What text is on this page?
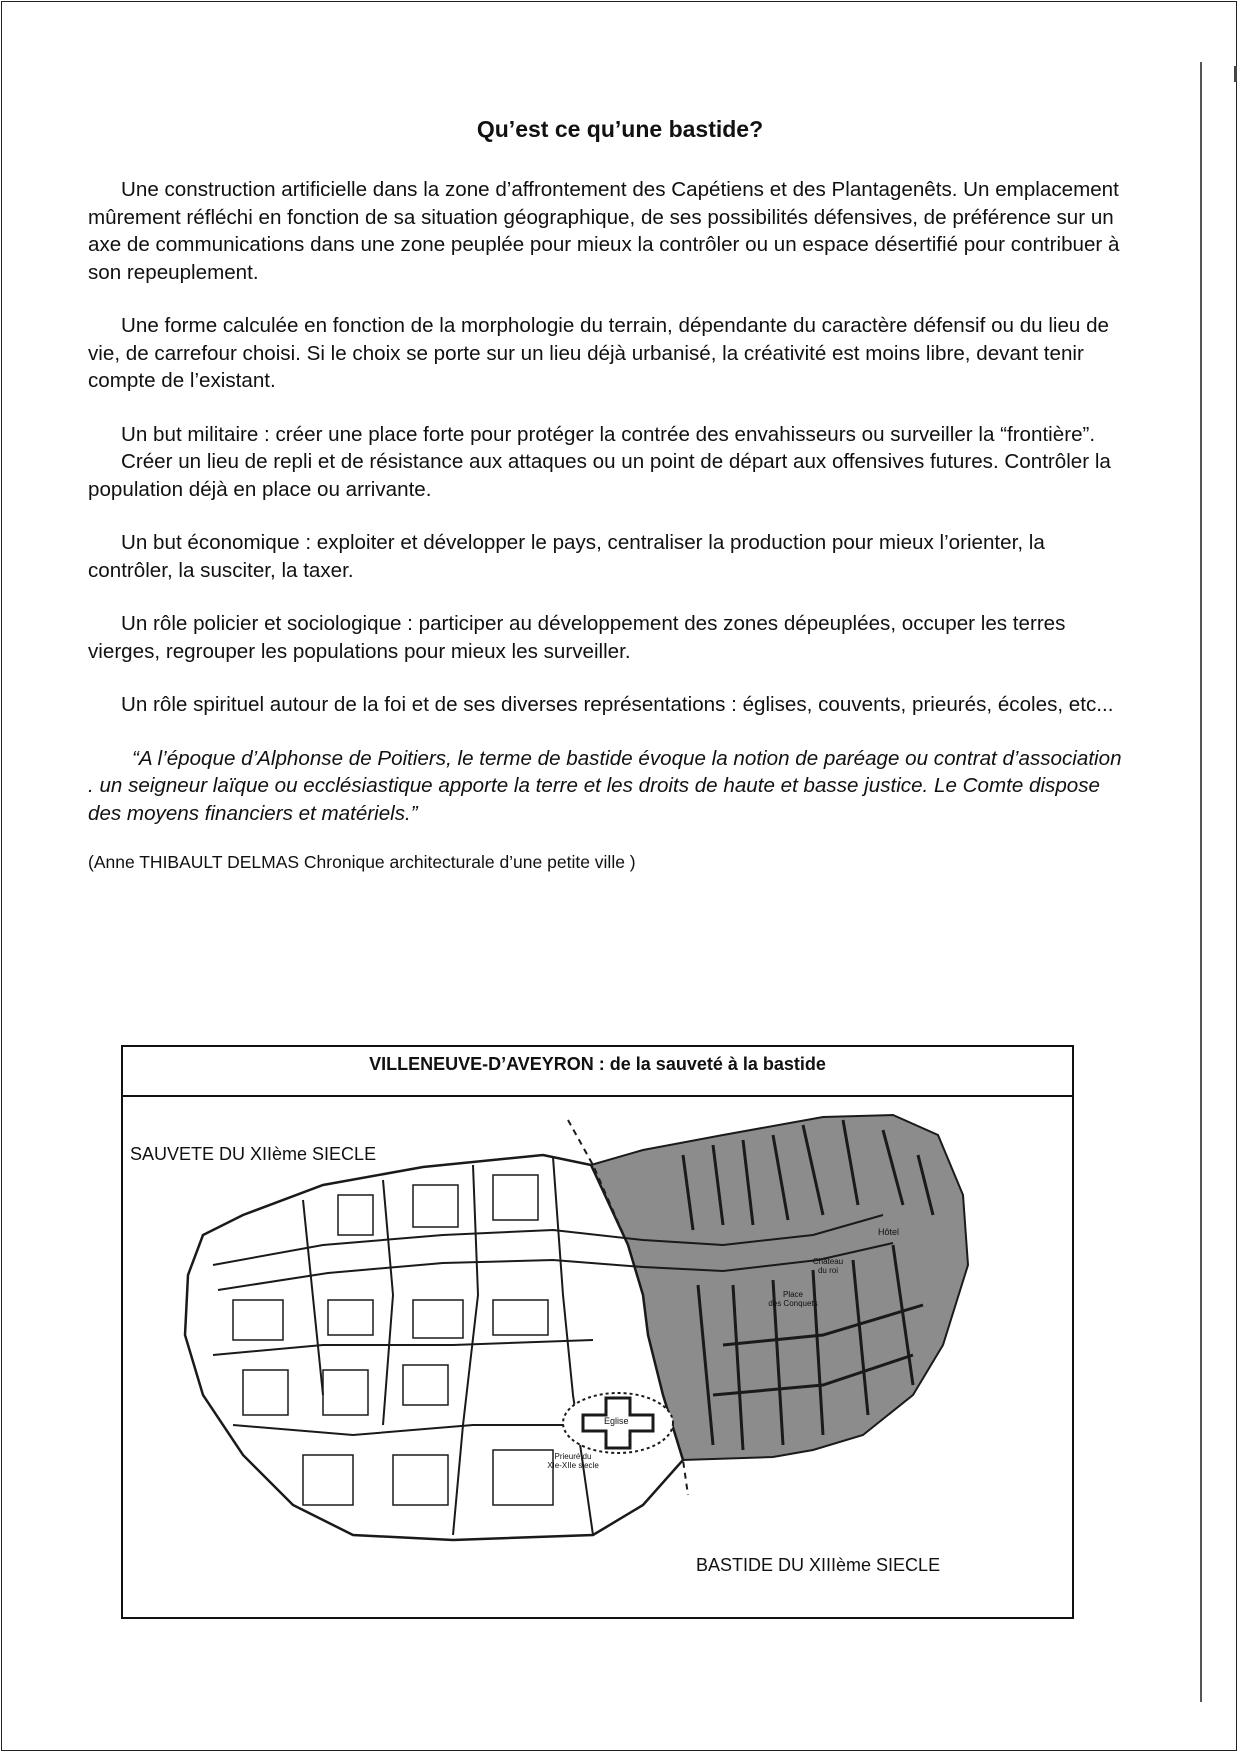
Qu’est ce qu’une bastide?

Une construction artificielle dans la zone d’affrontement des Capétiens et des Plantagenêts. Un emplacement mûrement réfléchi en fonction de sa situation géographique, de ses possibilités défensives, de préférence sur un axe de communications dans une zone peuplée pour mieux la contrôler ou un espace désertifié pour contribuer à son repeuplement.

Une forme calculée en fonction de la morphologie du terrain, dépendante du caractère défensif ou du lieu de vie, de carrefour choisi. Si le choix se porte sur un lieu déjà urbanisé, la créativité est moins libre, devant tenir compte de l’existant.

Un but militaire : créer une place forte pour protéger la contrée des envahisseurs ou surveiller la “frontière”.

Créer un lieu de repli et de résistance aux attaques ou un point de départ aux offensives futures. Contrôler la population déjà en place ou arrivante.

Un but économique : exploiter et développer le pays, centraliser la production pour mieux l’orienter, la contrôler, la susciter, la taxer.

Un rôle policier et sociologique : participer au développement des zones dépeuplées, occuper les terres vierges, regrouper les populations pour mieux les surveiller.

Un rôle spirituel autour de la foi et de ses diverses représentations : églises, couvents, prieurés, écoles, etc...

“A l’époque d’Alphonse de Poitiers, le terme de bastide évoque la notion de paréage ou contrat d’association . un seigneur laïque ou ecclésiastique apporte la terre et les droits de haute et basse justice. Le Comte dispose des moyens financiers et matériels.”

(Anne THIBAULT DELMAS Chronique architecturale d’une petite ville )

VILLENEUVE-D’AVEYRON : de la sauveté à la bastide
SAUVETE DU XIIème SIECLE
BASTIDE DU XIIIème SIECLE
Eglise
Prieuré du
XIe-XIIe siecle
Château
du roi
Place
des Conquets
Hôtel
